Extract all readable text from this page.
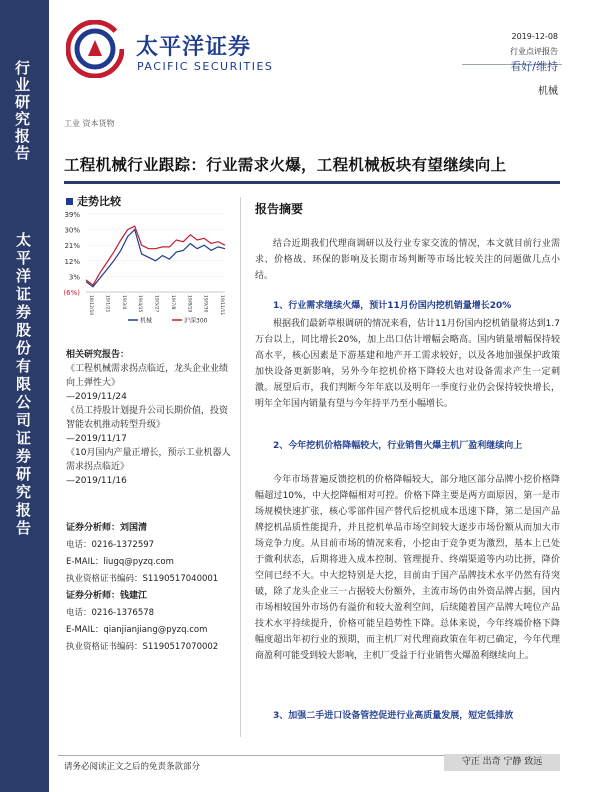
行业研究报告
太平洋证券股份有限公司证券研究报告
太平洋证券
PACIFIC SECURITIES
2019-12-08
行业点评报告
看好/维持
机械
工业 资本货物
工程机械行业跟踪：行业需求火爆，工程机械板块有望继续向上
走势比较
39%
30%
21%
12%
3%
(6%)
18/12/10	19/1/21	19/3/4	19/4/15	19/5/27	19/7/8	19/8/19	19/9/30	19/11/11
机械	沪深300
相关研究报告：
《工程机械需求拐点临近，龙头企业业绩向上弹性大》
—2019/11/24
《员工持股计划提升公司长期价值，投资智能农机推动转型升级》
—2019/11/17
《10月国内产量正增长，预示工业机器人需求拐点临近》
—2019/11/16
证券分析师：刘国清
电话：0216-1372597
E-MAIL：liugq@pyzq.com
执业资格证书编码：S1190517040001
证券分析师：钱建江
电话：0216-1376578
E-MAIL：qianjianjiang@pyzq.com
执业资格证书编码：S1190517070002
报告摘要
结合近期我们代理商调研以及行业专家交流的情况，本文就目前行业需求、价格战、环保的影响及长期市场判断等市场比较关注的问题做几点小结。
1、行业需求继续火爆，预计11月份国内挖机销量增长20%
根据我们最新草根调研的情况来看，估计11月份国内挖机销量将达到1.7万台以上，同比增长20%，加上出口估计增幅会略高。国内销量增幅保持较高水平，核心因素是下游基建和地产开工需求较好，以及各地加强保护政策加快设备更新影响，另外今年挖机价格下降较大也对设备需求产生一定刺激。展望后市，我们判断今年年底以及明年一季度行业仍会保持较快增长，明年全年国内销量有望与今年持平乃至小幅增长。
2、今年挖机价格降幅较大，行业销售火爆主机厂盈利继续向上
今年市场普遍反馈挖机的价格降幅较大，部分地区部分品牌小挖价格降幅超过10%，中大挖降幅相对可控。价格下降主要是两方面原因，第一是市场规模快速扩张，核心零部件国产替代后挖机成本迅速下降，第二是国产品牌挖机品质性能提升，并且挖机单品市场空间较大逐步市场份额从而加大市场竞争力度。从目前市场的情况来看，小挖由于竞争更为激烈，基本上已处于微利状态，后期将进入成本控制、管理提升、终端渠道等内功比拼，降价空间已经不大。中大挖特别是大挖，目前由于国产品牌技术水平仍然有待突破，除了龙头企业三一占据较大份额外，主流市场仍由外资品牌占据，国内市场相较国外市场仍有溢价和较大盈利空间，后续随着国产品牌大吨位产品技术水平持续提升，价格可能呈趋势性下降。总体来说，今年终端价格下降幅度超出年初行业的预期，而主机厂对代理商政策在年初已确定，今年代理商盈利可能受到较大影响，主机厂受益于行业销售火爆盈利继续向上。
3、加强二手进口设备管控促进行业高质量发展，短定低排放
请务必阅读正文之后的免责条款部分	守正 出奇 宁静 致远
